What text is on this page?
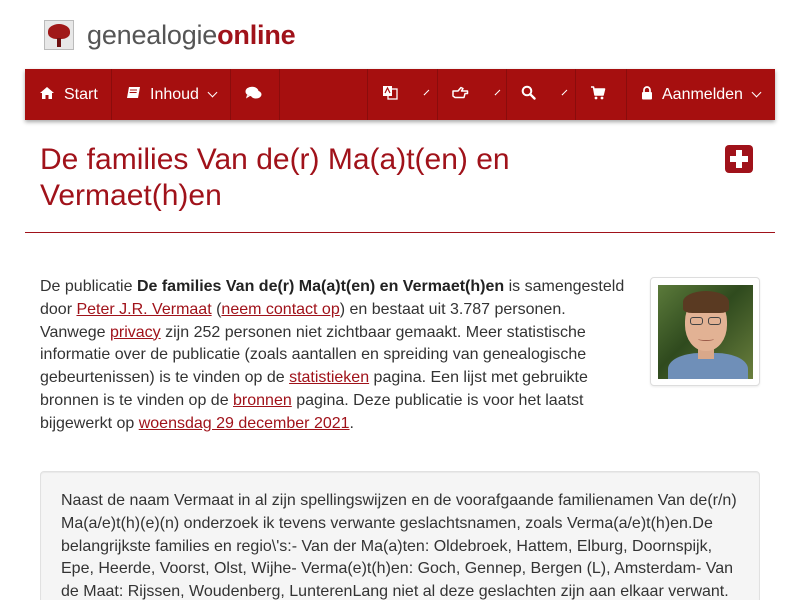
genealogieonline
Start	Inhoud	Aanmelden
De families Van de(r) Ma(a)t(en) en Vermaet(h)en

De publicatie De families Van de(r) Ma(a)t(en) en Vermaet(h)en is samengesteld door Peter J.R. Vermaat (neem contact op) en bestaat uit 3.787 personen. Vanwege privacy zijn 252 personen niet zichtbaar gemaakt. Meer statistische informatie over de publicatie (zoals aantallen en spreiding van genealogische gebeurtenissen) is te vinden op de statistieken pagina. Een lijst met gebruikte bronnen is te vinden op de bronnen pagina. Deze publicatie is voor het laatst bijgewerkt op woensdag 29 december 2021.

Naast de naam Vermaat in al zijn spellingswijzen en de voorafgaande familienamen Van de(r/n) Ma(a/e)t(h)(e)(n) onderzoek ik tevens verwante geslachtsnamen, zoals Verma(a/e)t(h)en.De belangrijkste families en regio\'s:- Van der Ma(a)ten: Oldebroek, Hattem, Elburg, Doornspijk, Epe, Heerde, Voorst, Olst, Wijhe- Verma(e)t(h)en: Goch, Gennep, Bergen (L), Amsterdam- Van de Maat: Rijssen, Woudenberg, LunterenLang niet al deze geslachten zijn aan elkaar verwant.
